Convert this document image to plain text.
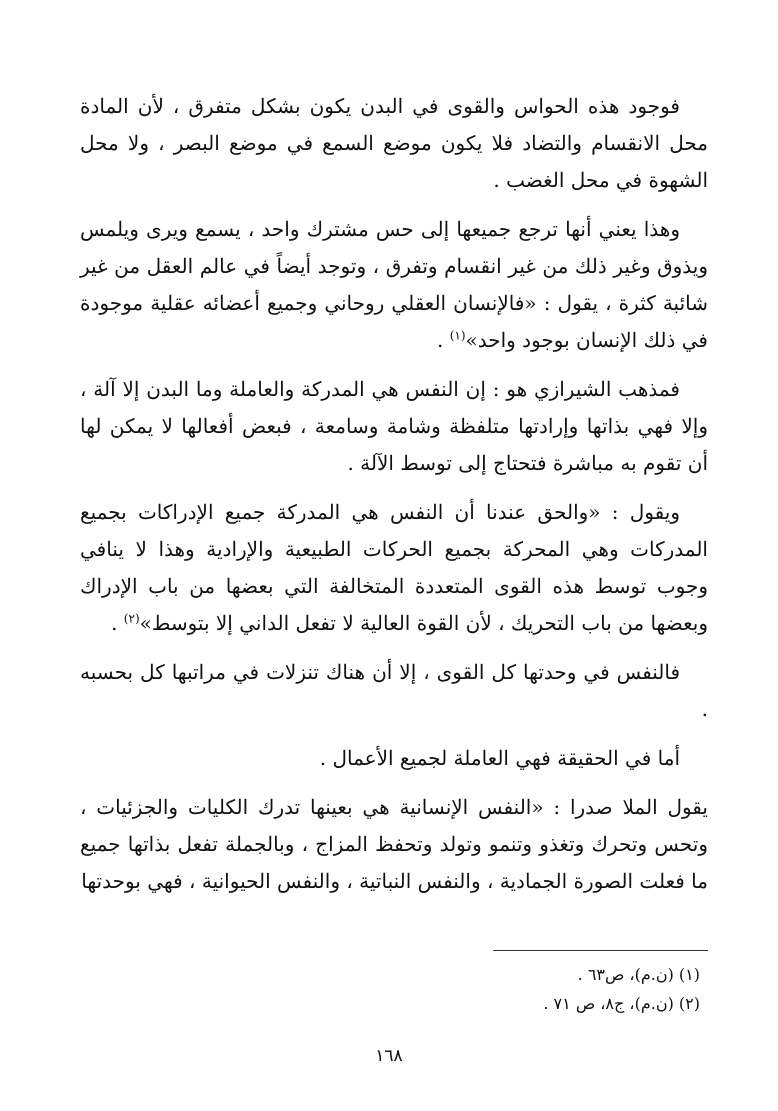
فوجود هذه الحواس والقوى في البدن يكون بشكل متفرق ، لأن المادة محل الانقسام والتضاد فلا يكون موضع السمع في موضع البصر ، ولا محل الشهوة في محل الغضب .

وهذا يعني أنها ترجع جميعها إلى حس مشترك واحد ، يسمع ويرى ويلمس ويذوق وغير ذلك من غير انقسام وتفرق ، وتوجد أيضاً في عالم العقل من غير شائبة كثرة ، يقول : «فالإنسان العقلي روحاني وجميع أعضائه عقلية موجودة في ذلك الإنسان بوجود واحد»$^{(١)}$ .

فمذهب الشيرازي هو : إن النفس هي المدركة والعاملة وما البدن إلا آلة ، وإلا فهي بذاتها وإرادتها متلفظة وشامة وسامعة ، فبعض أفعالها لا يمكن لها أن تقوم به مباشرة فتحتاج إلى توسط الآلة .

ويقول : «والحق عندنا أن النفس هي المدركة جميع الإدراكات بجميع المدركات وهي المحركة بجميع الحركات الطبيعية والإرادية وهذا لا ينافي وجوب توسط هذه القوى المتعددة المتخالفة التي بعضها من باب الإدراك وبعضها من باب التحريك ، لأن القوة العالية لا تفعل الداني إلا بتوسط»$^{(٢)}$ .

فالنفس في وحدتها كل القوى ، إلا أن هناك تنزلات في مراتبها كل بحسبه .

أما في الحقيقة فهي العاملة لجميع الأعمال .

يقول الملا صدرا : «النفس الإنسانية هي بعينها تدرك الكليات والجزئيات ، وتحس وتحرك وتغذو وتنمو وتولد وتحفظ المزاج ، وبالجملة تفعل بذاتها جميع ما فعلت الصورة الجمادية ، والنفس النباتية ، والنفس الحيوانية ، فهي بوحدتها

(١) (ن.م)، ص٦٣ .

(٢) (ن.م)، ج٨، ص ٧١ .

١٦٨
